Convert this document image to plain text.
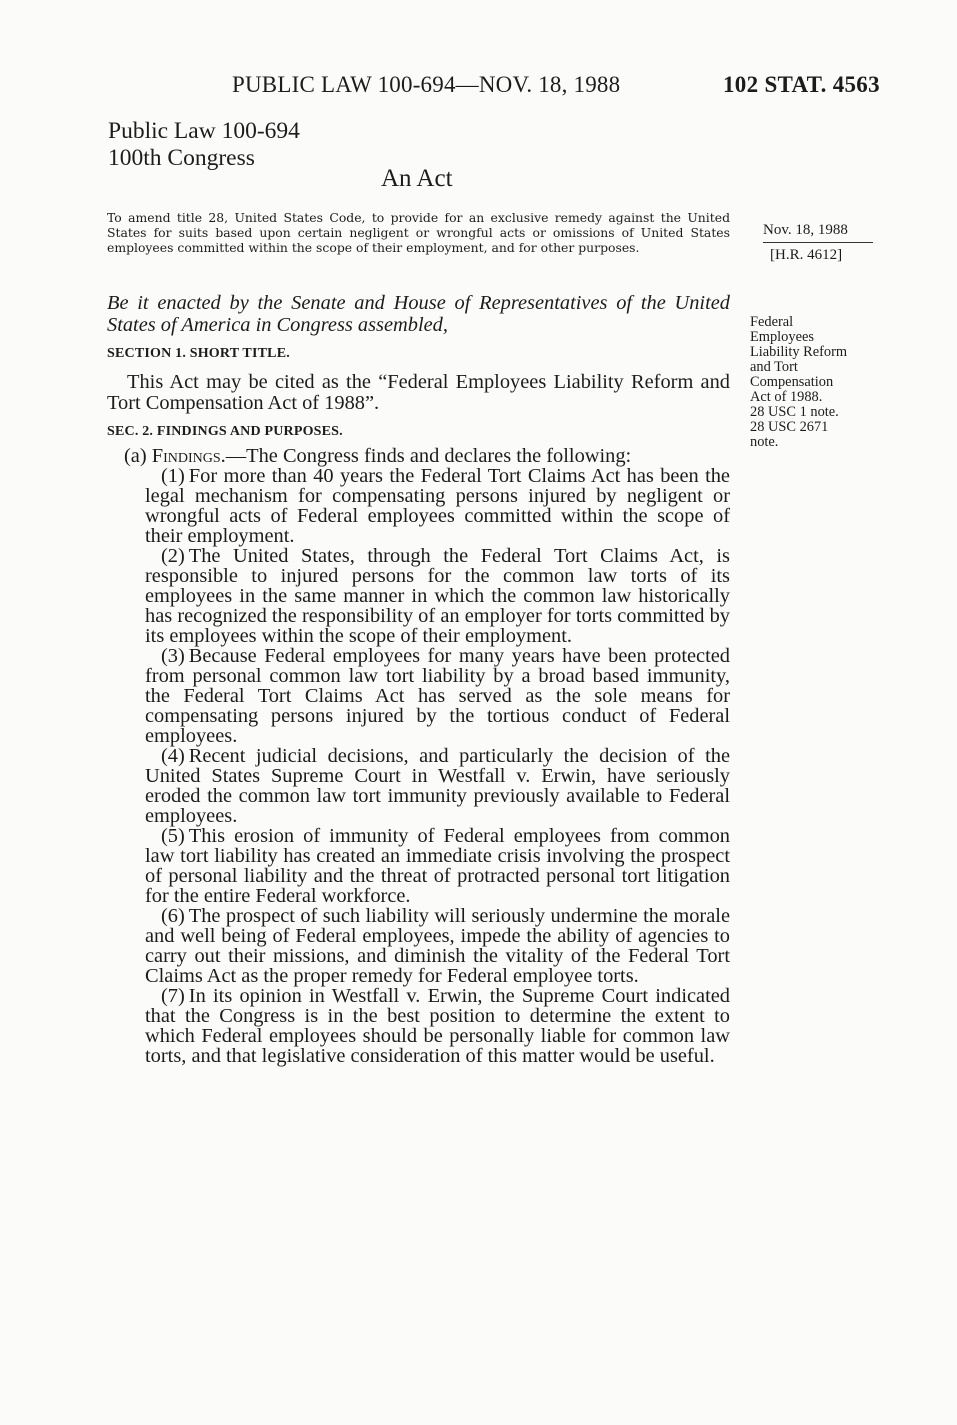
PUBLIC LAW 100-694—NOV. 18, 1988	102 STAT. 4563
Public Law 100-694
100th Congress
An Act
To amend title 28, United States Code, to provide for an exclusive remedy against the United States for suits based upon certain negligent or wrongful acts or omissions of United States employees committed within the scope of their employment, and for other purposes.
Nov. 18, 1988
[H.R. 4612]
Federal
Employees
Liability Reform
and Tort
Compensation
Act of 1988.
28 USC 1 note.
28 USC 2671
note.
Be it enacted by the Senate and House of Representatives of the United States of America in Congress assembled,
SECTION 1. SHORT TITLE.
This Act may be cited as the “Federal Employees Liability Reform and Tort Compensation Act of 1988”.
SEC. 2. FINDINGS AND PURPOSES.

(a) Findings.—The Congress finds and declares the following:

(1) For more than 40 years the Federal Tort Claims Act has been the legal mechanism for compensating persons injured by negligent or wrongful acts of Federal employees committed within the scope of their employment.

(2) The United States, through the Federal Tort Claims Act, is responsible to injured persons for the common law torts of its employees in the same manner in which the common law historically has recognized the responsibility of an employer for torts committed by its employees within the scope of their employment.

(3) Because Federal employees for many years have been protected from personal common law tort liability by a broad based immunity, the Federal Tort Claims Act has served as the sole means for compensating persons injured by the tortious conduct of Federal employees.

(4) Recent judicial decisions, and particularly the decision of the United States Supreme Court in Westfall v. Erwin, have seriously eroded the common law tort immunity previously available to Federal employees.

(5) This erosion of immunity of Federal employees from common law tort liability has created an immediate crisis involving the prospect of personal liability and the threat of protracted personal tort litigation for the entire Federal workforce.

(6) The prospect of such liability will seriously undermine the morale and well being of Federal employees, impede the ability of agencies to carry out their missions, and diminish the vitality of the Federal Tort Claims Act as the proper remedy for Federal employee torts.

(7) In its opinion in Westfall v. Erwin, the Supreme Court indicated that the Congress is in the best position to determine the extent to which Federal employees should be personally liable for common law torts, and that legislative consideration of this matter would be useful.
